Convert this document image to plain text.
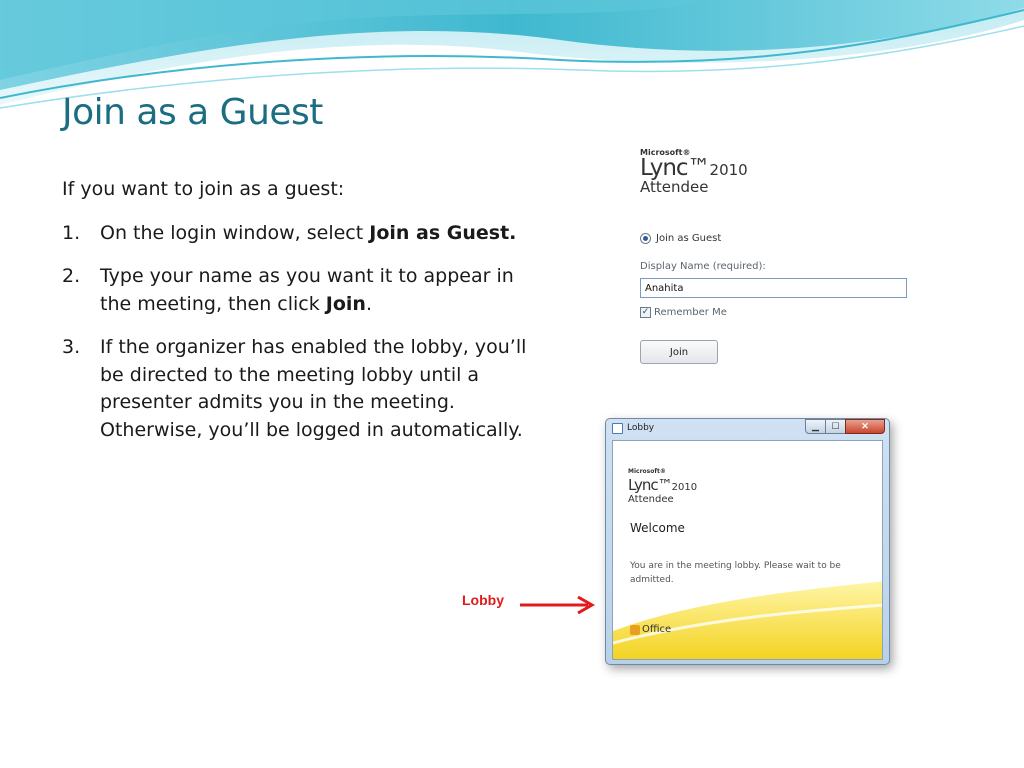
Join as a Guest

If you want to join as a guest:

1. On the login window, select Join as Guest.
2. Type your name as you want it to appear in the meeting, then click Join.
3. If the organizer has enabled the lobby, you’ll be directed to the meeting lobby until a presenter admits you in the meeting. Otherwise, you’ll be logged in automatically.
Microsoft®
Lync™2010
Attendee
Join as Guest
Display Name (required):
Anahita
✓ Remember Me
Join
Lobby	▁	☐	✕
Microsoft®
Lync™2010
Attendee
Welcome
You are in the meeting lobby. Please wait to be admitted.
Office
Lobby
